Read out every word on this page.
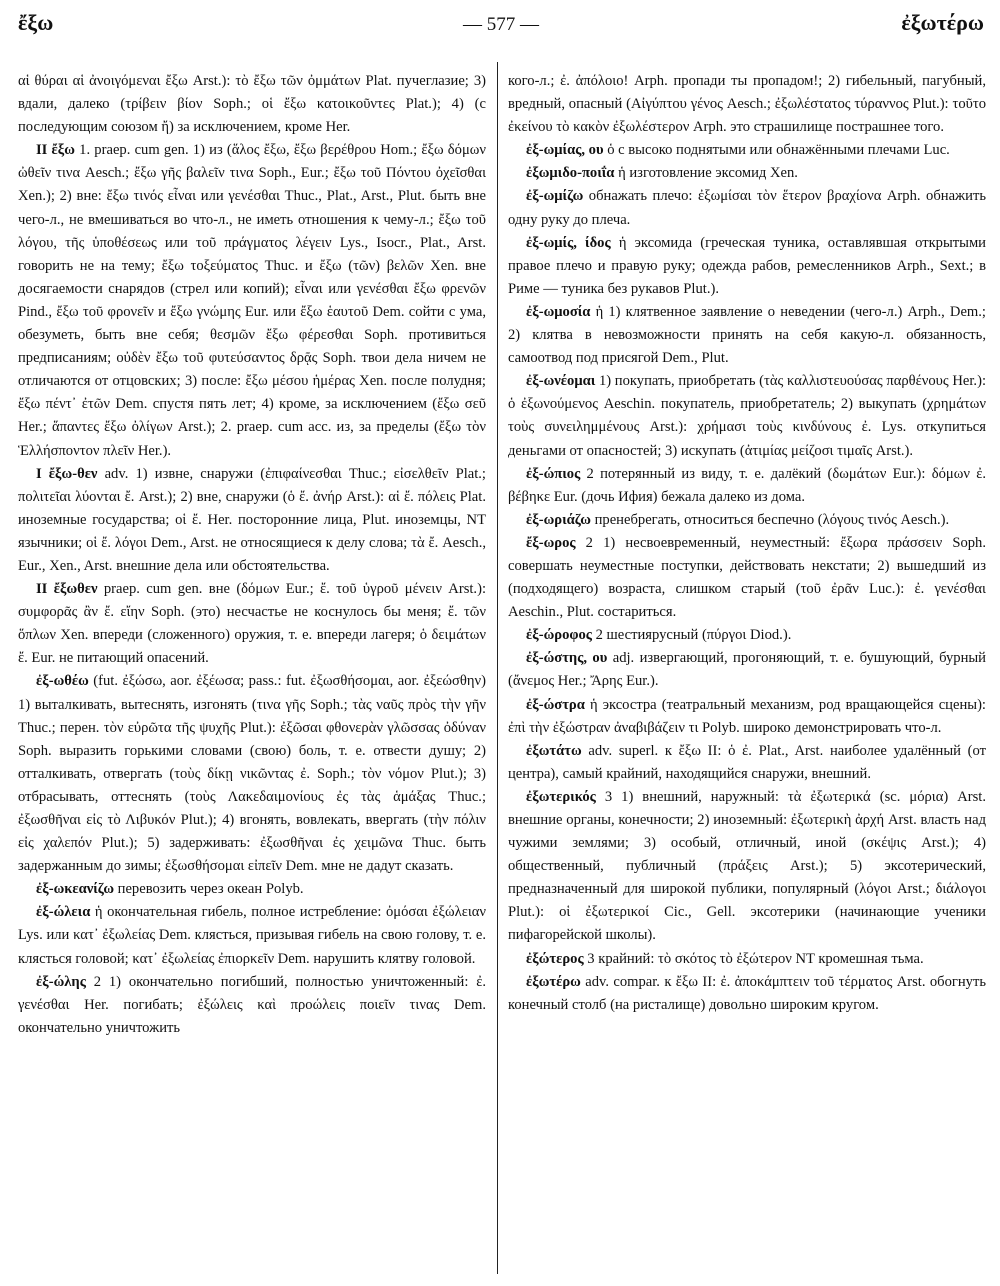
ἔξω	— 577 —	ἐξωτέρω

αἱ θύραι αἱ ἀνοιγόμεναι ἔξω Arst.): τὸ ἔξω τῶν ὀμμάτων Plat. пучеглазие; 3) вдали, далеко (τρίβειν βίον Soph.; οἱ ἔξω κατοικοῦντες Plat.); 4) (с последующим союзом ἤ) за исключением, кроме Her.

II ἔξω 1. praep. cum gen. 1) из (ἅλος ἔξω, ἔξω βερέθρου Hom.; ἔξω δόμων ὠθεῖν τινα Aesch.; ἔξω γῆς βαλεῖν τινα Soph., Eur.; ἔξω τοῦ Πόντου ὀχεῖσθαι Xen.); 2) вне: ἔξω τινός εἶναι или γενέσθαι Thuc., Plat., Arst., Plut. быть вне чего-л., не вмешиваться во что-л., не иметь отношения к чему-л.; ἔξω τοῦ λόγου, τῆς ὑποθέσεως или τοῦ πράγματος λέγειν Lys., Isocr., Plat., Arst. говорить не на тему; ἔξω τοξεύματος Thuc. и ἔξω (τῶν) βελῶν Xen. вне досягаемости снарядов (стрел или копий); εἶναι или γενέσθαι ἔξω φρενῶν Pind., ἔξω τοῦ φρονεῖν и ἔξω γνώμης Eur. или ἔξω ἑαυτοῦ Dem. сойти с ума, обезуметь, быть вне себя; θεσμῶν ἔξω φέρεσθαι Soph. противиться предписаниям; οὐδὲν ἔξω τοῦ φυτεύσαντος δρᾷς Soph. твои дела ничем не отличаются от отцовских; 3) после: ἔξω μέσου ἡμέρας Xen. после полудня; ἔξω πέντ᾽ ἐτῶν Dem. спустя пять лет; 4) кроме, за исключением (ἔξω σεῦ Her.; ἅπαντες ἔξω ὀλίγων Arst.); 2. praep. cum acc. из, за пределы (ἔξω τὸν Ἑλλήσποντον πλεῖν Her.).

I ἔξω-θεν adv. 1) извне, снаружи (ἐπιφαίνεσθαι Thuc.; εἰσελθεῖν Plat.; πολιτεῖαι λύονται ἔ. Arst.); 2) вне, снаружи (ὁ ἔ. ἀνήρ Arst.): αἱ ἔ. πόλεις Plat. иноземные государства; οἱ ἔ. Her. посторонние лица, Plut. иноземцы, NT язычники; οἱ ἔ. λόγοι Dem., Arst. не относящиеся к делу слова; τὰ ἔ. Aesch., Eur., Xen., Arst. внешние дела или обстоятельства.

II ἔξωθεν praep. cum gen. вне (δόμων Eur.; ἔ. τοῦ ὑγροῦ μένειν Arst.): συμφορᾶς ἂν ἔ. εἴην Soph. (это) несчастье не коснулось бы меня; ἔ. τῶν ὅπλων Xen. впереди (сложенного) оружия, т. е. впереди лагеря; ὁ δειμάτων ἔ. Eur. не питающий опасений.

ἐξ-ωθέω (fut. ἐξώσω, aor. ἐξέωσα; pass.: fut. ἐξωσθήσομαι, aor. ἐξεώσθην) 1) выталкивать, вытеснять, изгонять (τινα γῆς Soph.; τὰς ναῦς πρὸς τὴν γῆν Thuc.; перен. τὸν εὐρῶτα τῆς ψυχῆς Plut.): ἐξῶσαι φθονερὰν γλῶσσας ὀδύναν Soph. выразить горькими словами (свою) боль, т. е. отвести душу; 2) отталкивать, отвергать (τοὺς δίκῃ νικῶντας ἐ. Soph.; τὸν νόμον Plut.); 3) отбрасывать, оттеснять (τοὺς Λακεδαιμονίους ἐς τὰς ἁμάξας Thuc.; ἐξωσθῆναι εἰς τὸ Λιβυκόν Plut.); 4) вгонять, вовлекать, ввергать (τὴν πόλιν εἰς χαλεπόν Plut.); 5) задерживать: ἐξωσθῆναι ἐς χειμῶνα Thuc. быть задержанным до зимы; ἐξωσθήσομαι εἰπεῖν Dem. мне не дадут сказать.

ἐξ-ωκεανίζω перевозить через океан Polyb.

ἐξ-ώλεια ἡ окончательная гибель, полное истребление: ὀμόσαι ἐξώλειαν Lys. или κατ᾽ ἐξωλείας Dem. клясться, призывая гибель на свою голову, т. е. клясться головой; κατ᾽ ἐξωλείας ἐπιορκεῖν Dem. нарушить клятву головой.

ἐξ-ώλης 2 1) окончательно погибший, полностью уничтоженный: ἐ. γενέσθαι Her. погибать; ἐξώλεις καὶ προώλεις ποιεῖν τινας Dem. окончательно уничтожить

кого-л.; ἐ. ἀπόλοιο! Arph. пропади ты пропадом!; 2) гибельный, пагубный, вредный, опасный (Αἰγύπτου γένος Aesch.; ἐξωλέστατος τύραννος Plut.): τοῦτο ἐκείνου τὸ κακὸν ἐξωλέστερον Arph. это страшилище пострашнее того.

ἐξ-ωμίας, ου ὁ с высоко поднятыми или обнажёнными плечами Luc.

ἐξωμιδο-ποιΐα ἡ изготовление эксомид Xen.

ἐξ-ωμίζω обнажать плечо: ἐξωμίσαι τὸν ἕτερον βραχίονα Arph. обнажить одну руку до плеча.

ἐξ-ωμίς, ίδος ἡ эксомида (греческая туника, оставлявшая открытыми правое плечо и правую руку; одежда рабов, ремесленников Arph., Sext.; в Риме — туника без рукавов Plut.).

ἐξ-ωμοσία ἡ 1) клятвенное заявление о неведении (чего-л.) Arph., Dem.; 2) клятва в невозможности принять на себя какую-л. обязанность, самоотвод под присягой Dem., Plut.

ἐξ-ωνέομαι 1) покупать, приобретать (τὰς καλλιστευούσας παρθένους Her.): ὁ ἐξωνούμενος Aeschin. покупатель, приобретатель; 2) выкупать (χρημάτων τοὺς συνειλημμένους Arst.): χρήμασι τοὺς κινδύνους ἐ. Lys. откупиться деньгами от опасностей; 3) искупать (ἀτιμίας μείζοσι τιμαῖς Arst.).

ἐξ-ώπιος 2 потерянный из виду, т. е. далёкий (δωμάτων Eur.): δόμων ἐ. βέβηκε Eur. (дочь Ифия) бежала далеко из дома.

ἐξ-ωριάζω пренебрегать, относиться беспечно (λόγους τινός Aesch.).

ἔξ-ωρος 2 1) несвоевременный, неуместный: ἔξωρα πράσσειν Soph. совершать неуместные поступки, действовать некстати; 2) вышедший из (подходящего) возраста, слишком старый (τοῦ ἐρᾶν Luc.): ἐ. γενέσθαι Aeschin., Plut. состариться.

ἐξ-ώροφος 2 шестиярусный (πύργοι Diod.).

ἐξ-ώστης, ου adj. извергающий, прогоняющий, т. е. бушующий, бурный (ἄνεμος Her.; Ἄρης Eur.).

ἐξ-ώστρα ἡ эксостра (театральный механизм, род вращающейся сцены): ἐπὶ τὴν ἐξώστραν ἀναβιβάζειν τι Polyb. широко демонстрировать что-л.

ἐξωτάτω adv. superl. к ἔξω II: ὁ ἐ. Plat., Arst. наиболее удалённый (от центра), самый крайний, находящийся снаружи, внешний.

ἐξωτερικός 3 1) внешний, наружный: τὰ ἐξωτερικά (sc. μόρια) Arst. внешние органы, конечности; 2) иноземный: ἐξωτερικὴ ἀρχή Arst. власть над чужими землями; 3) особый, отличный, иной (σκέψις Arst.); 4) общественный, публичный (πράξεις Arst.); 5) эксотерический, предназначенный для широкой публики, популярный (λόγοι Arst.; διάλογοι Plut.): οἱ ἐξωτερικοί Cic., Gell. эксотерики (начинающие ученики пифагорейской школы).

ἐξώτερος 3 крайний: τὸ σκότος τὸ ἐξώτερον NT кромешная тьма.

ἐξωτέρω adv. compar. к ἔξω II: ἐ. ἀποκάμπτειν τοῦ τέρματος Arst. обогнуть конечный столб (на ристалище) довольно широким кругом.
